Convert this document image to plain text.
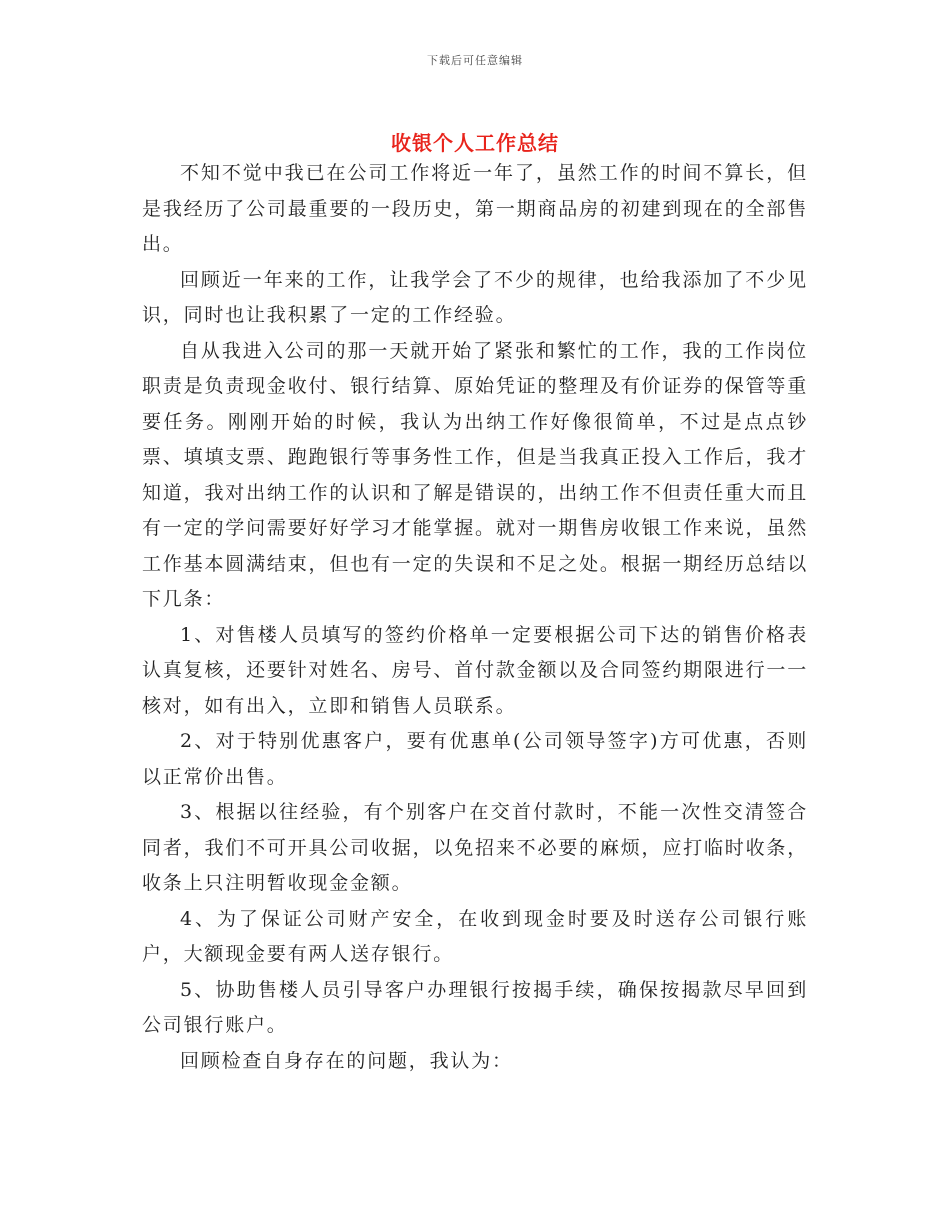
下载后可任意编辑
收银个人工作总结

不知不觉中我已在公司工作将近一年了，虽然工作的时间不算长，但是我经历了公司最重要的一段历史，第一期商品房的初建到现在的全部售出。

回顾近一年来的工作，让我学会了不少的规律，也给我添加了不少见识，同时也让我积累了一定的工作经验。

自从我进入公司的那一天就开始了紧张和繁忙的工作，我的工作岗位职责是负责现金收付、银行结算、原始凭证的整理及有价证券的保管等重要任务。刚刚开始的时候，我认为出纳工作好像很简单，不过是点点钞票、填填支票、跑跑银行等事务性工作，但是当我真正投入工作后，我才知道，我对出纳工作的认识和了解是错误的，出纳工作不但责任重大而且有一定的学问需要好好学习才能掌握。就对一期售房收银工作来说，虽然工作基本圆满结束，但也有一定的失误和不足之处。根据一期经历总结以下几条：

1、对售楼人员填写的签约价格单一定要根据公司下达的销售价格表认真复核，还要针对姓名、房号、首付款金额以及合同签约期限进行一一核对，如有出入，立即和销售人员联系。

2、对于特别优惠客户，要有优惠单(公司领导签字)方可优惠，否则以正常价出售。

3、根据以往经验，有个别客户在交首付款时，不能一次性交清签合同者，我们不可开具公司收据，以免招来不必要的麻烦，应打临时收条，收条上只注明暂收现金金额。

4、为了保证公司财产安全，在收到现金时要及时送存公司银行账户，大额现金要有两人送存银行。

5、协助售楼人员引导客户办理银行按揭手续，确保按揭款尽早回到公司银行账户。

回顾检查自身存在的问题，我认为：
